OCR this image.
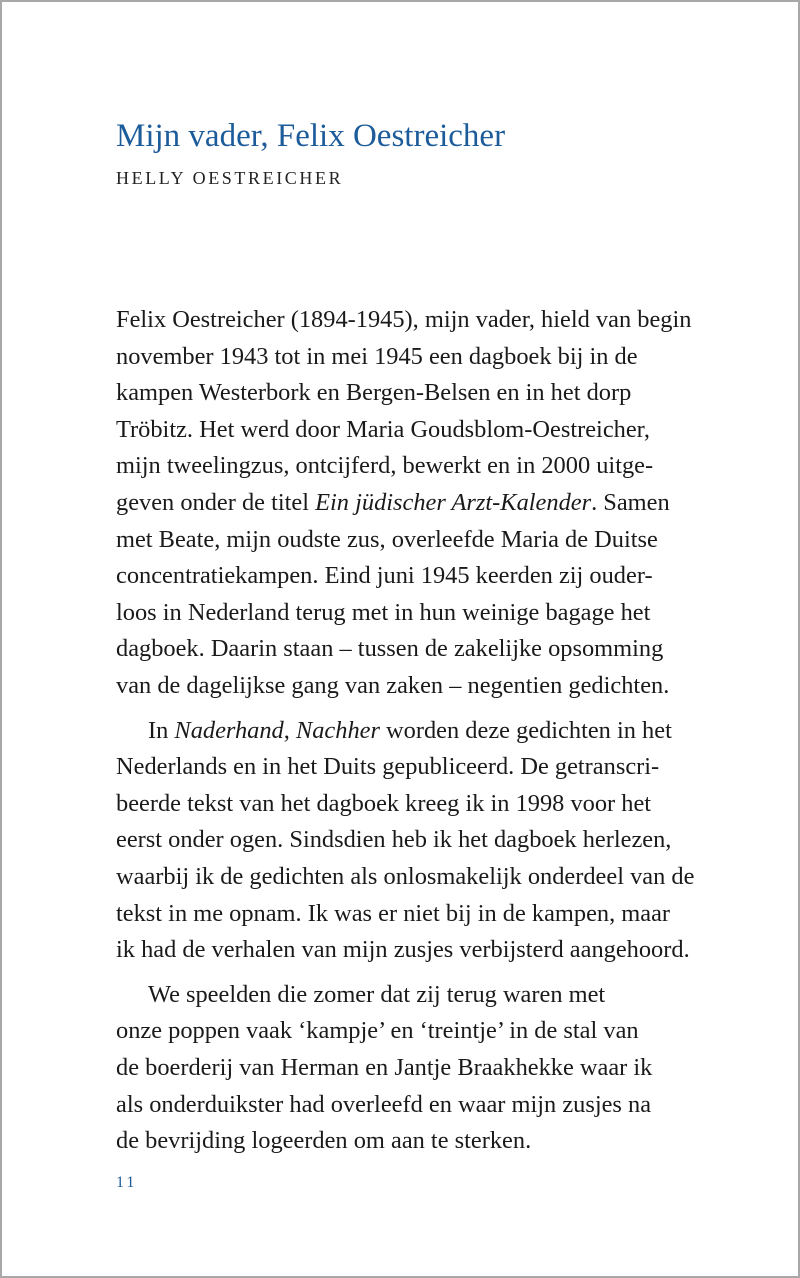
Mijn vader, Felix Oestreicher
HELLY OESTREICHER
Felix Oestreicher (1894-1945), mijn vader, hield van begin
november 1943 tot in mei 1945 een dagboek bij in de
kampen Westerbork en Bergen-Belsen en in het dorp
Tröbitz. Het werd door Maria Goudsblom-Oestreicher,
mijn tweelingzus, ontcijferd, bewerkt en in 2000 uitge-
geven onder de titel Ein jüdischer Arzt-Kalender. Samen
met Beate, mijn oudste zus, overleefde Maria de Duitse
concentratiekampen. Eind juni 1945 keerden zij ouder-
loos in Nederland terug met in hun weinige bagage het
dagboek. Daarin staan – tussen de zakelijke opsomming
van de dagelijkse gang van zaken – negentien gedichten.
In Naderhand, Nachher worden deze gedichten in het
Nederlands en in het Duits gepubliceerd. De getranscri-
beerde tekst van het dagboek kreeg ik in 1998 voor het
eerst onder ogen. Sindsdien heb ik het dagboek herlezen,
waarbij ik de gedichten als onlosmakelijk onderdeel van de
tekst in me opnam. Ik was er niet bij in de kampen, maar
ik had de verhalen van mijn zusjes verbijsterd aangehoord.
We speelden die zomer dat zij terug waren met
onze poppen vaak ‘kampje’ en ‘treintje’ in de stal van
de boerderij van Herman en Jantje Braakhekke waar ik
als onderduikster had overleefd en waar mijn zusjes na
de bevrijding logeerden om aan te sterken.
11
